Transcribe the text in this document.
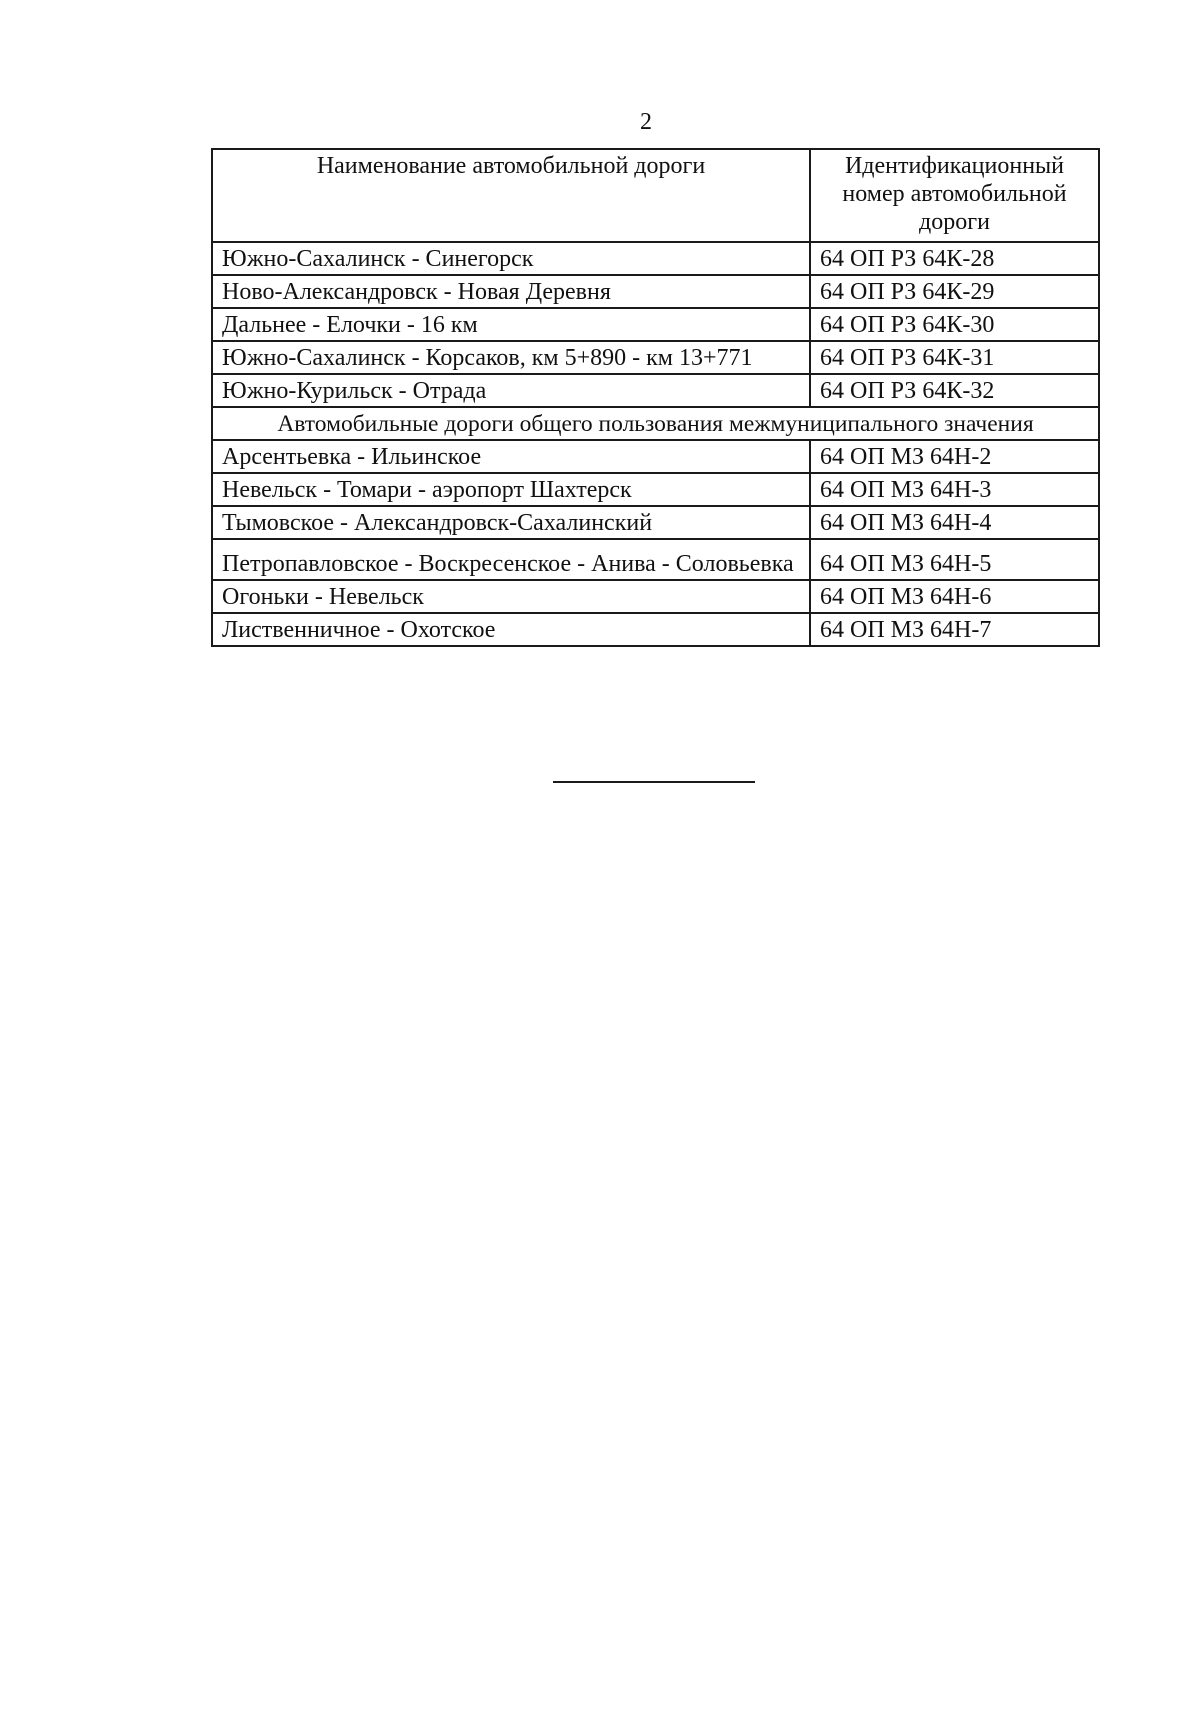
2
Наименование автомобильной дороги	Идентификационный номер автомобильной дороги
Южно-Сахалинск - Синегорск	64 ОП РЗ 64К-28
Ново-Александровск - Новая Деревня	64 ОП РЗ 64К-29
Дальнее - Елочки - 16 км	64 ОП РЗ 64К-30
Южно-Сахалинск - Корсаков, км 5+890 - км 13+771	64 ОП РЗ 64К-31
Южно-Курильск - Отрада	64 ОП РЗ 64К-32
Автомобильные дороги общего пользования межмуниципального значения	
Арсентьевка - Ильинское	64 ОП МЗ 64Н-2
Невельск - Томари - аэропорт Шахтерск	64 ОП МЗ 64Н-3
Тымовское - Александровск-Сахалинский	64 ОП МЗ 64Н-4
Петропавловское - Воскресенское - Анива - Соловьевка	64 ОП МЗ 64Н-5
Огоньки - Невельск	64 ОП МЗ 64Н-6
Лиственничное - Охотское	64 ОП МЗ 64Н-7
